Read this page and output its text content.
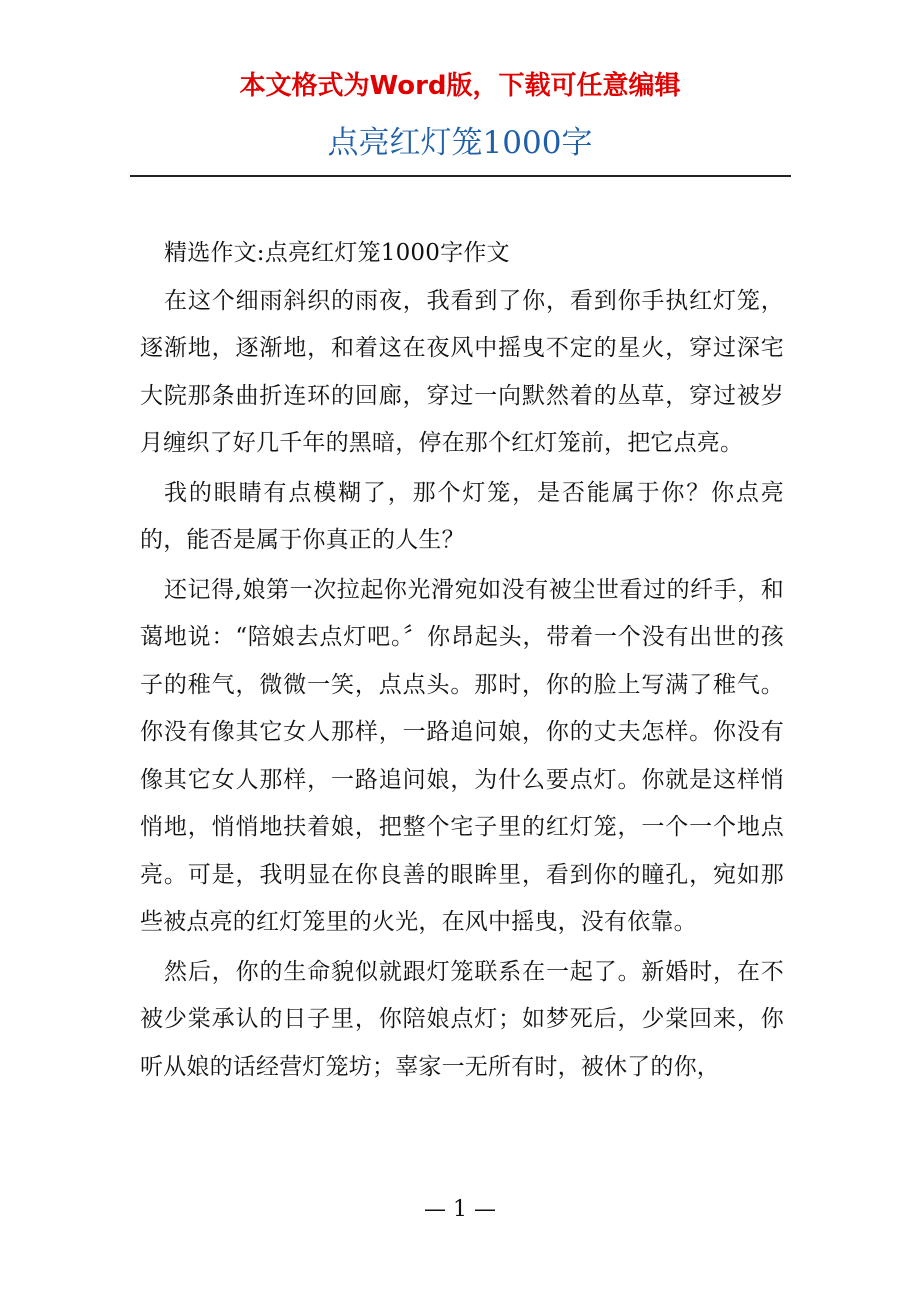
本文格式为Word版，下载可任意编辑
点亮红灯笼1000字

精选作文:点亮红灯笼1000字作文

在这个细雨斜织的雨夜，我看到了你，看到你手执红灯笼，逐渐地，逐渐地，和着这在夜风中摇曳不定的星火，穿过深宅大院那条曲折连环的回廊，穿过一向默然着的丛草，穿过被岁月缠织了好几千年的黑暗，停在那个红灯笼前，把它点亮。

我的眼睛有点模糊了，那个灯笼，是否能属于你？你点亮的，能否是属于你真正的人生？

还记得,娘第一次拉起你光滑宛如没有被尘世看过的纤手，和蔼地说：“陪娘去点灯吧。〞你昂起头，带着一个没有出世的孩子的稚气，微微一笑，点点头。那时，你的脸上写满了稚气。你没有像其它女人那样，一路追问娘，你的丈夫怎样。你没有像其它女人那样，一路追问娘，为什么要点灯。你就是这样悄悄地，悄悄地扶着娘，把整个宅子里的红灯笼，一个一个地点亮。可是，我明显在你良善的眼眸里，看到你的瞳孔，宛如那些被点亮的红灯笼里的火光，在风中摇曳，没有依靠。

然后，你的生命貌似就跟灯笼联系在一起了。新婚时，在不被少棠承认的日子里，你陪娘点灯；如梦死后，少棠回来，你听从娘的话经营灯笼坊；辜家一无所有时，被休了的你，

— 1 —
